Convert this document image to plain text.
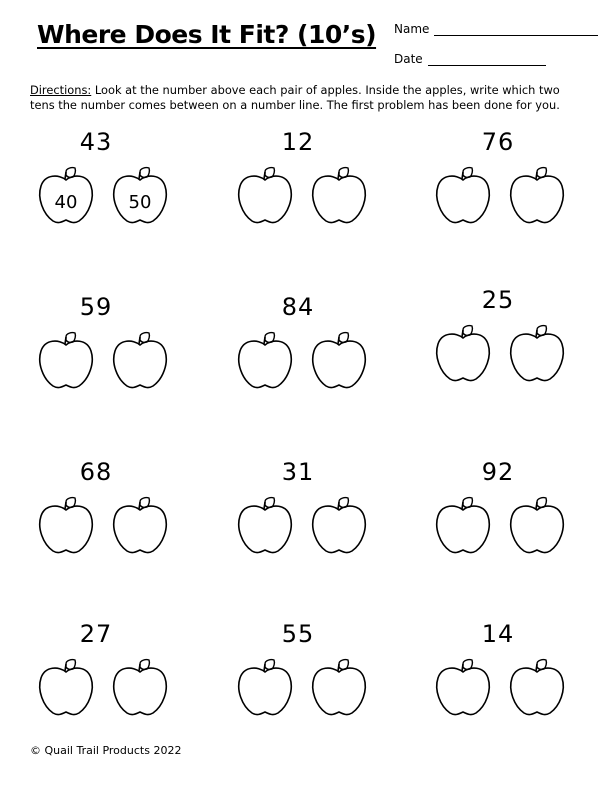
Where Does It Fit? (10’s) Name
Date
Directions: Look at the number above each pair of apples. Inside the apples, write which two tens the number comes between on a number line. The first problem has been done for you.
43
40	50
12	76
59	84	25
68	31	92
27	55	14
© Quail Trail Products 2022
